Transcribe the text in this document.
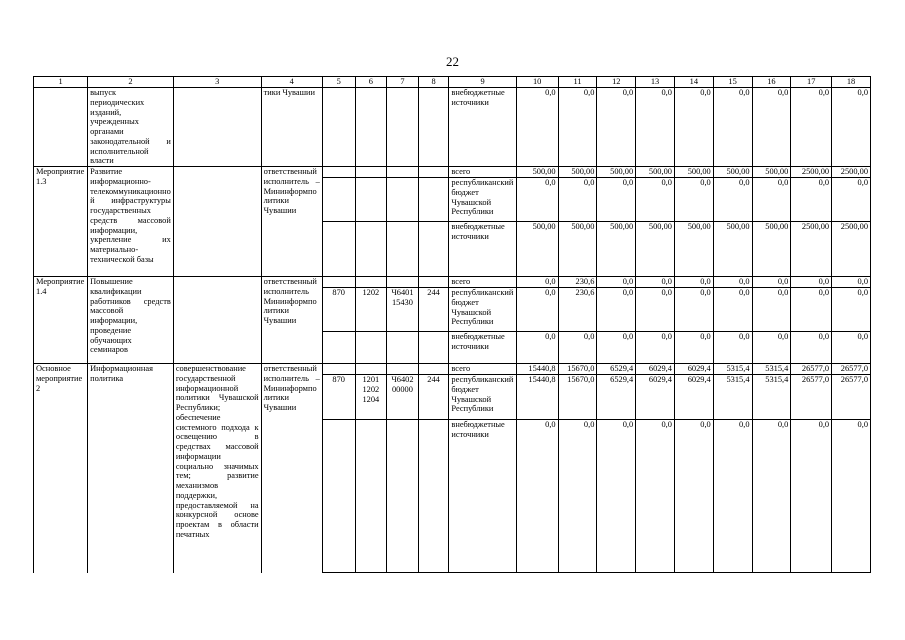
22
1	2	3	4	5	6	7	8	9	10	11	12	13	14	15	16	17	18
	выпуск периодических изданий, учрежденных органами законодательной и исполнительной власти		тики Чувашии					внебюджетные источники	0,0	0,0	0,0	0,0	0,0	0,0	0,0	0,0	0,0
Мероприятие 1.3	Развитие информационно-телекоммуникационной инфраструктуры государственных средств массовой информации, укрепление их материально-технической базы		ответственный исполнитель – Мининформполитики Чувашии					всего	500,00	500,00	500,00	500,00	500,00	500,00	500,00	2500,00	2500,00
								республиканский бюджет Чувашской Республики	0,0	0,0	0,0	0,0	0,0	0,0	0,0	0,0	0,0
								внебюджетные источники	500,00	500,00	500,00	500,00	500,00	500,00	500,00	2500,00	2500,00
Мероприятие 1.4	Повышение квалификации работников средств массовой информации, проведение обучающих семинаров		ответственный исполнитель Мининформполитики Чувашии					всего	0,0	230,6	0,0	0,0	0,0	0,0	0,0	0,0	0,0
				870	1202	Ч6401 15430	244	республиканский бюджет Чувашской Республики	0,0	230,6	0,0	0,0	0,0	0,0	0,0	0,0	0,0
								внебюджетные источники	0,0	0,0	0,0	0,0	0,0	0,0	0,0	0,0	0,0
Основное мероприятие 2	Информационная политика	совершенствование государственной информационной политики Чувашской Республики; обеспечение системного подхода к освещению в средствах массовой информации социально значимых тем; развитие механизмов поддержки, предоставляемой на конкурсной основе проектам в области печатных	ответственный исполнитель – Мининформполитики Чувашии					всего	15440,8	15670,0	6529,4	6029,4	6029,4	5315,4	5315,4	26577,0	26577,0
				870	1201 1202 1204	Ч6402 00000	244	республиканский бюджет Чувашской Республики	15440,8	15670,0	6529,4	6029,4	6029,4	5315,4	5315,4	26577,0	26577,0
								внебюджетные источники	0,0	0,0	0,0	0,0	0,0	0,0	0,0	0,0	0,0
